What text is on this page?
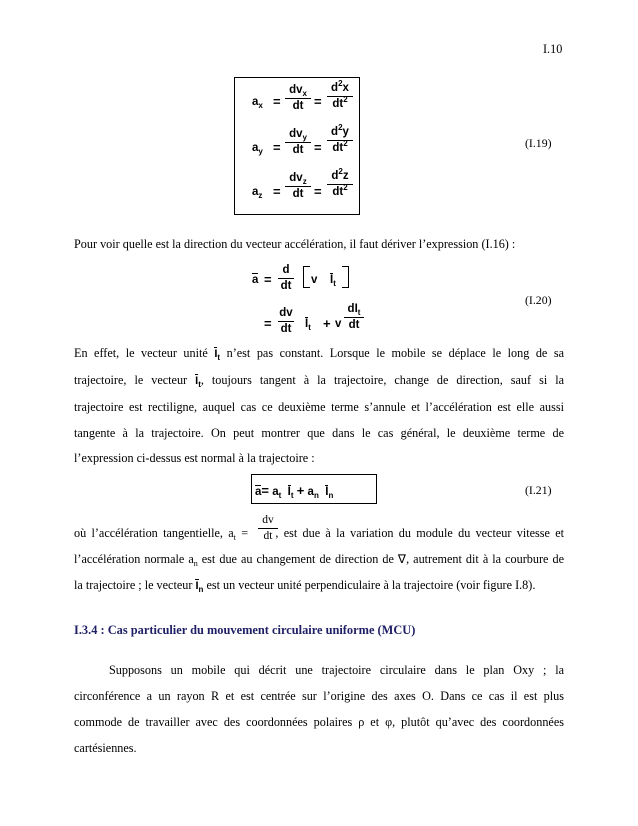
I.10
$a_x$ =
$dv_x$
dt =
$d^2x$
$dt^2$
$a_y$ =
$dv_y$
dt =
$d^2y$
$dt^2$
$a_z$ =
$dv_z$
dt =
$d^2z$
$dt^2$
(I.19)
Pour voir quelle est la direction du vecteur accélération, il faut dériver l’expression (I.16) :
a =
d
dt v $I_t$
=
dv
dt $I_t + v$
$dI_t$
dt
(I.20)
En effet, le vecteur unité $I_t$ n’est pas constant. Lorsque le mobile se déplace le long de sa
trajectoire, le vecteur $I_t$, toujours tangent à la trajectoire, change de direction, sauf si la
trajectoire est rectiligne, auquel cas ce deuxième terme s’annule et l’accélération est elle aussi
tangente à la trajectoire. On peut montrer que dans le cas général, le deuxième terme de
l’expression ci-dessus est normal à la trajectoire :
$a= a_t$ $I_t + a_n$ $I_n$	(I.21)
où l’accélération tangentielle, $a_t$ = , est due à la variation du module du vecteur vitesse et
dv
dt
l’accélération normale $a_n$ est due au changement de direction de ∇, autrement dit à la courbure de
la trajectoire ; le vecteur $I_n$ est un vecteur unité perpendiculaire à la trajectoire (voir figure I.8).
I.3.4 : Cas particulier du mouvement circulaire uniforme (MCU)
Supposons un mobile qui décrit une trajectoire circulaire dans le plan Oxy ; la
circonférence a un rayon R et est centrée sur l’origine des axes O. Dans ce cas il est plus
commode de travailler avec des coordonnées polaires ρ et φ, plutôt qu’avec des coordonnées
cartésiennes.
